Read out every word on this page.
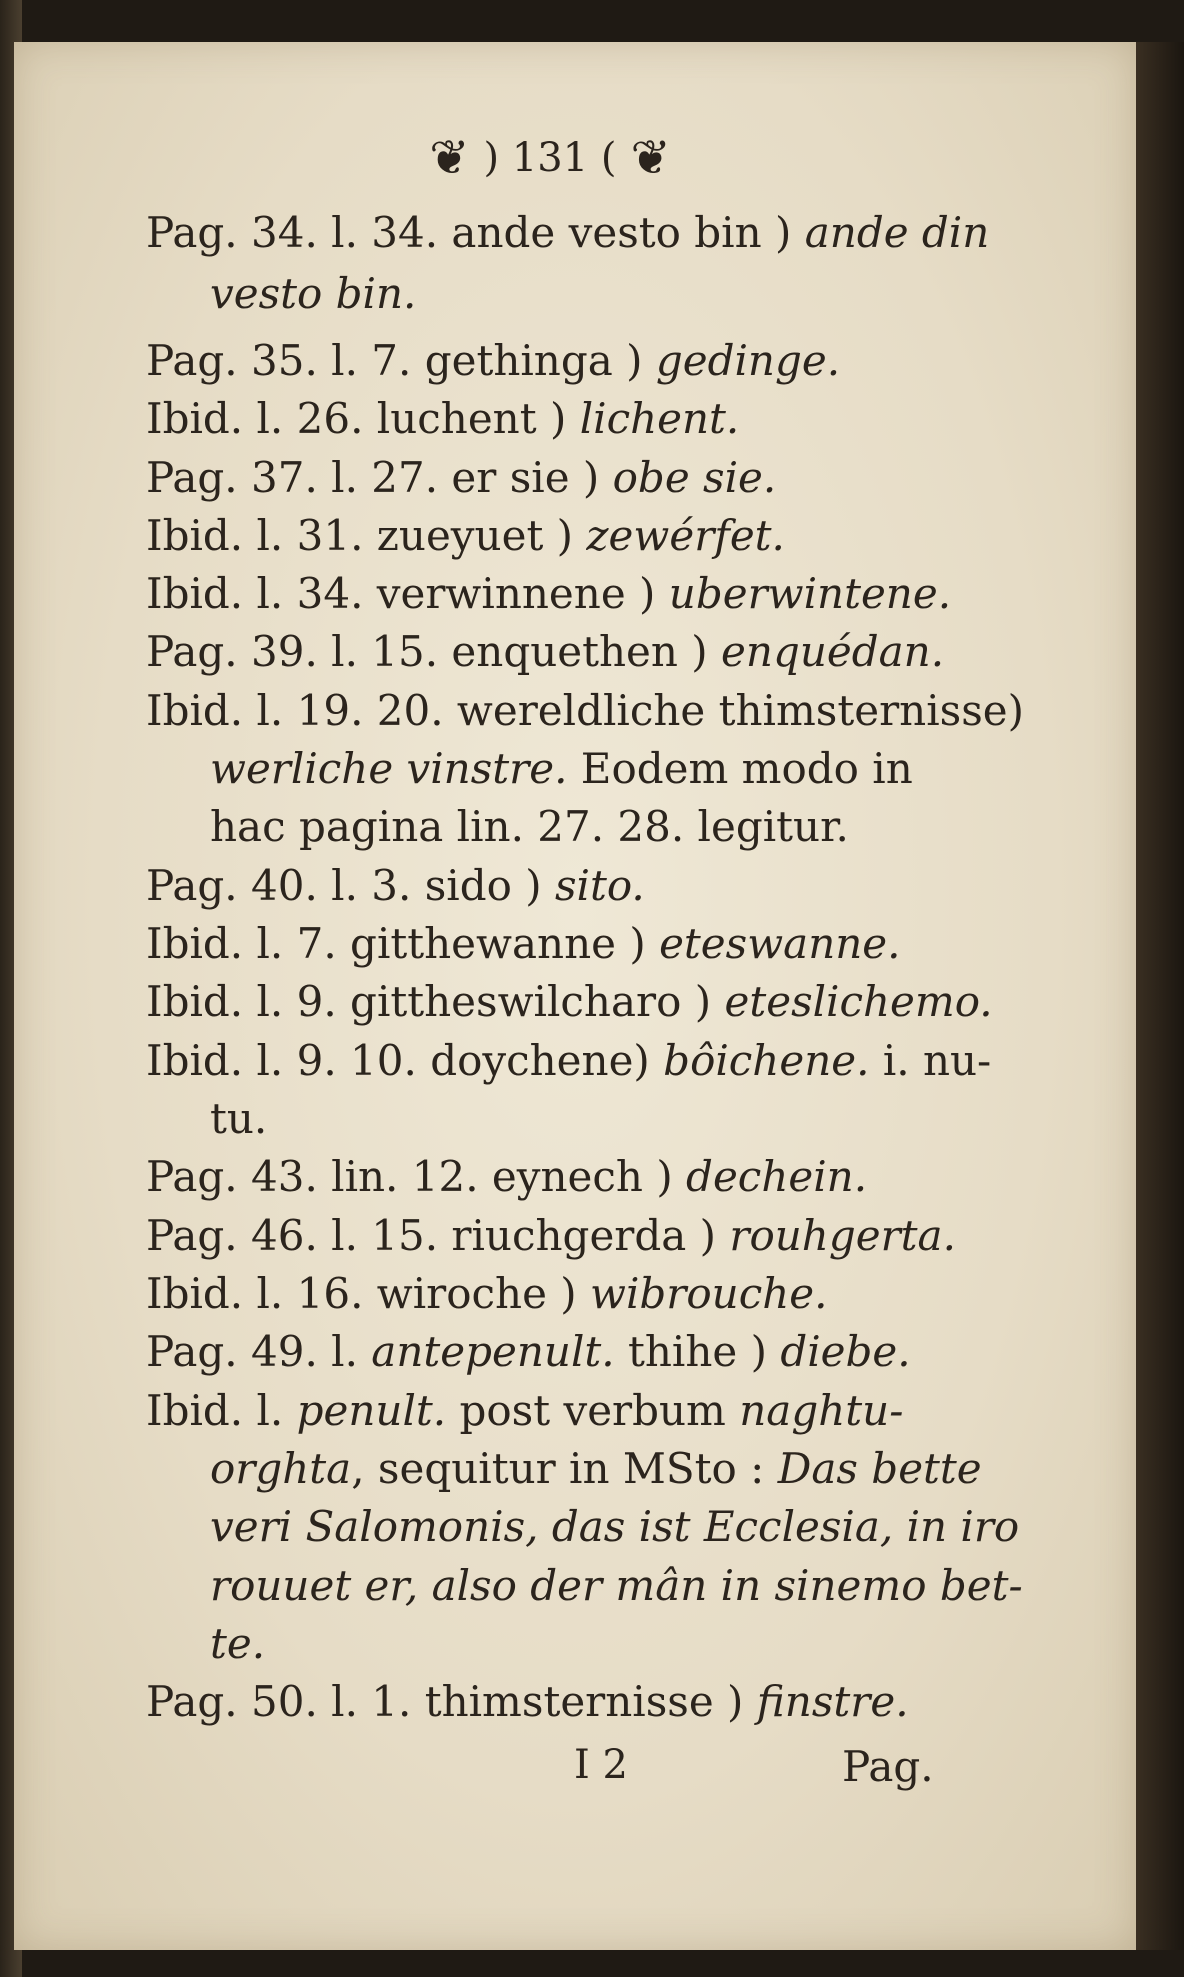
❦ ) 131 ( ❦
Pag. 34. l. 34. ande vesto bin ) ande din
vesto bin.
Pag. 35. l. 7. gethinga ) gedinge.
Ibid. l. 26. luchent ) lichent.
Pag. 37. l. 27. er sie ) obe sie.
Ibid. l. 31. zueyuet ) zewérfet.
Ibid. l. 34. verwinnene ) uberwintene.
Pag. 39. l. 15. enquethen ) enquédan.
Ibid. l. 19. 20. wereldliche thimsternisse)
werliche vinstre. Eodem modo in
hac pagina lin. 27. 28. legitur.
Pag. 40. l. 3. sido ) sito.
Ibid. l. 7. gitthewanne ) eteswanne.
Ibid. l. 9. gittheswilcharo ) eteslichemo.
Ibid. l. 9. 10. doychene) bôichene. i. nu-
tu.
Pag. 43. lin. 12. eynech ) dechein.
Pag. 46. l. 15. riuchgerda ) rouhgerta.
Ibid. l. 16. wiroche ) wibrouche.
Pag. 49. l. antepenult. thihe ) diebe.
Ibid. l. penult. post verbum naghtu-
orghta, sequitur in MSto : Das bette
veri Salomonis, das ist Ecclesia, in iro
rouuet er, also der mân in sinemo bet-
te.
Pag. 50. l. 1. thimsternisse ) finstre.
I 2	Pag.
